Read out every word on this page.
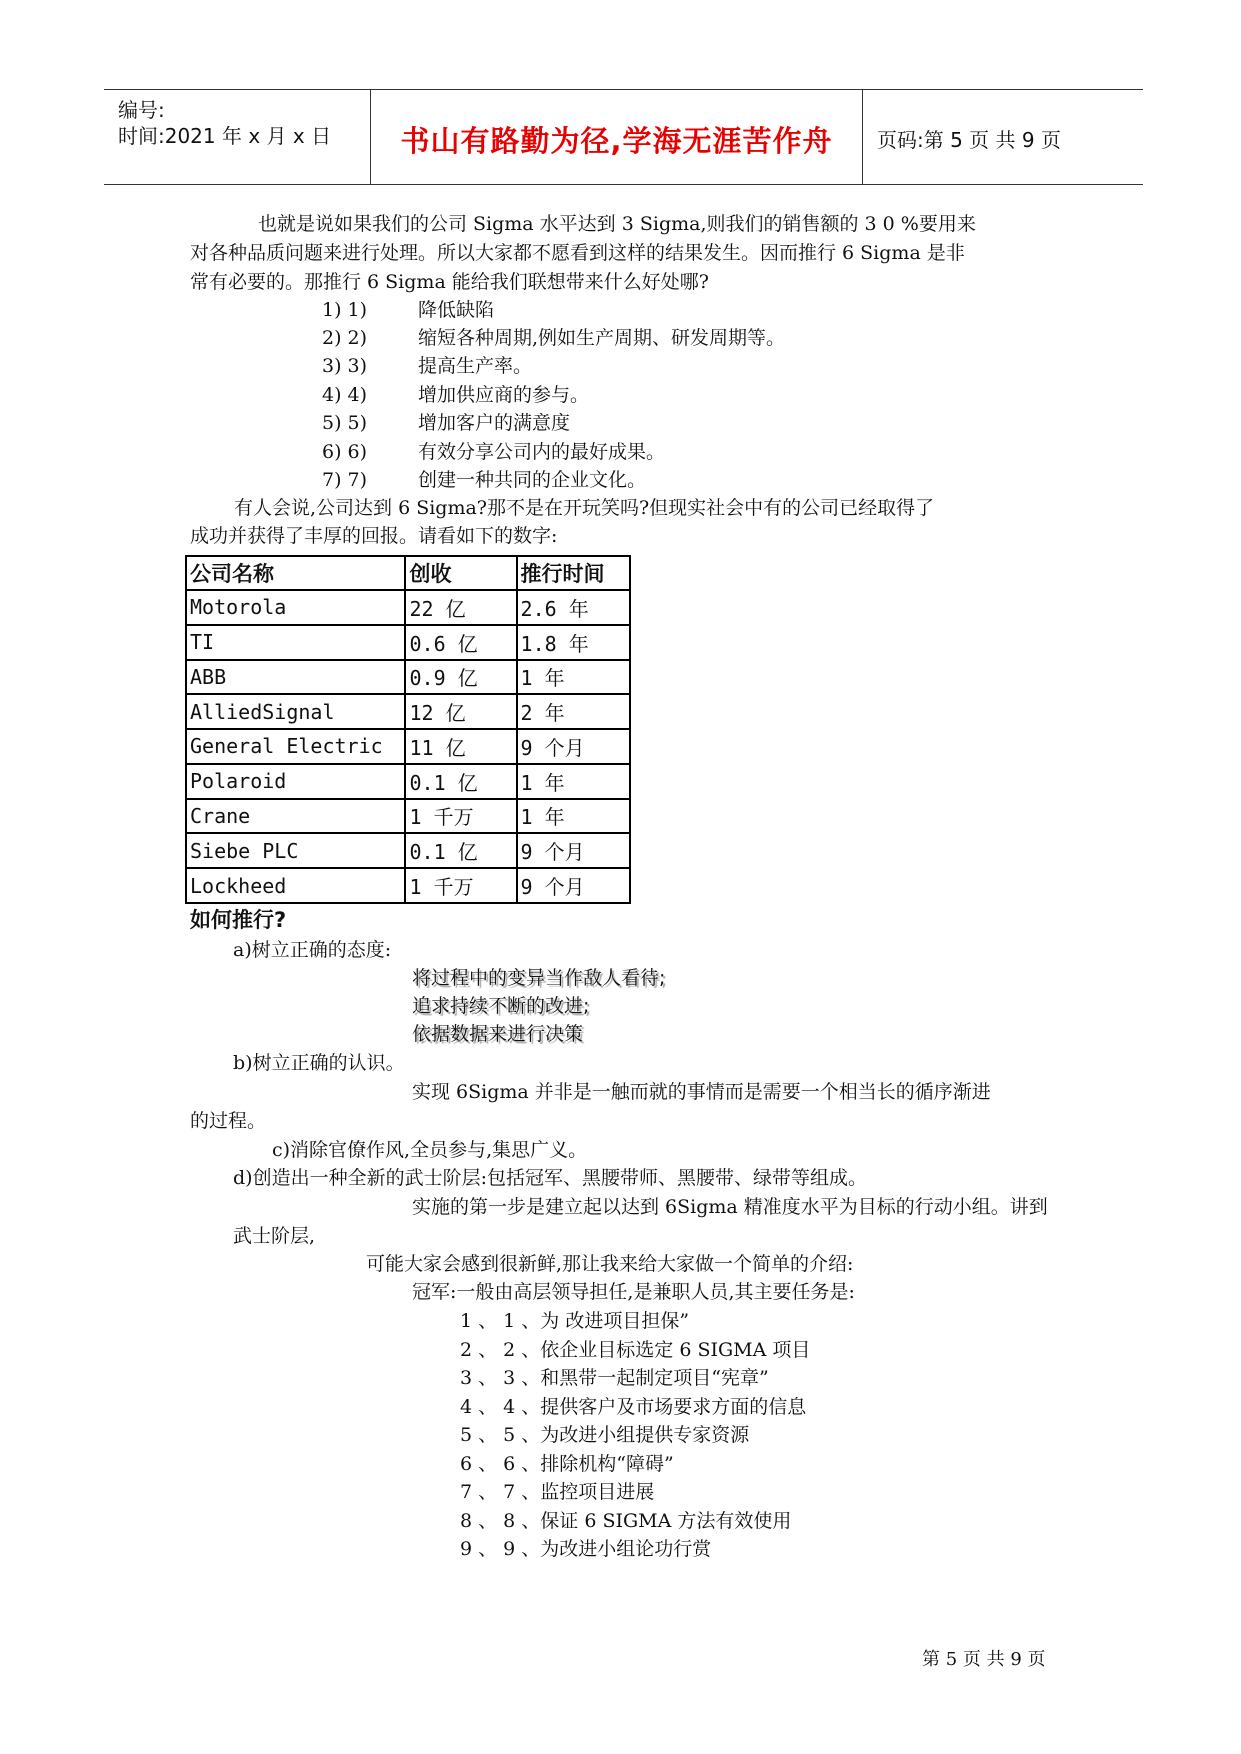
编号:
时间:2021 年 x 月 x 日	书山有路勤为径,学海无涯苦作舟	页码:第 5 页 共 9 页
也就是说如果我们的公司 Sigma 水平达到 3 Sigma,则我们的销售额的 3 0 %要用来
对各种品质问题来进行处理。所以大家都不愿看到这样的结果发生。因而推行 6 Sigma 是非
常有必要的。那推行 6 Sigma 能给我们联想带来什么好处哪?
1) 1)	降低缺陷
2) 2)	缩短各种周期,例如生产周期、研发周期等。
3) 3)	提高生产率。
4) 4)	增加供应商的参与。
5) 5)	增加客户的满意度
6) 6)	有效分享公司内的最好成果。
7) 7)	创建一种共同的企业文化。
有人会说,公司达到 6 Sigma?那不是在开玩笑吗?但现实社会中有的公司已经取得了
成功并获得了丰厚的回报。请看如下的数字:
公司名称	创收	推行时间
Motorola	22 亿	2.6 年
TI	0.6 亿	1.8 年
ABB	0.9 亿	1 年
AlliedSignal	12 亿	2 年
General Electric	11 亿	9 个月
Polaroid	0.1 亿	1 年
Crane	1 千万	1 年
Siebe PLC	0.1 亿	9 个月
Lockheed	1 千万	9 个月
如何推行?
a)树立正确的态度:
将过程中的变异当作敌人看待;
追求持续不断的改进;
依据数据来进行决策
b)树立正确的认识。
实现 6Sigma 并非是一触而就的事情而是需要一个相当长的循序渐进
的过程。
c)消除官僚作风,全员参与,集思广义。
d)创造出一种全新的武士阶层:包括冠军、黑腰带师、黑腰带、绿带等组成。
实施的第一步是建立起以达到 6Sigma 精准度水平为目标的行动小组。讲到
武士阶层,
可能大家会感到很新鲜,那让我来给大家做一个简单的介绍:
冠军:一般由高层领导担任,是兼职人员,其主要任务是:
1 、 1 、为 改进项目担保”
2 、 2 、依企业目标选定 6 SIGMA 项目
3 、 3 、和黑带一起制定项目“宪章”
4 、 4 、提供客户及市场要求方面的信息
5 、 5 、为改进小组提供专家资源
6 、 6 、排除机构“障碍”
7 、 7 、监控项目进展
8 、 8 、保证 6 SIGMA 方法有效使用
9 、 9 、为改进小组论功行赏
第 5 页 共 9 页
